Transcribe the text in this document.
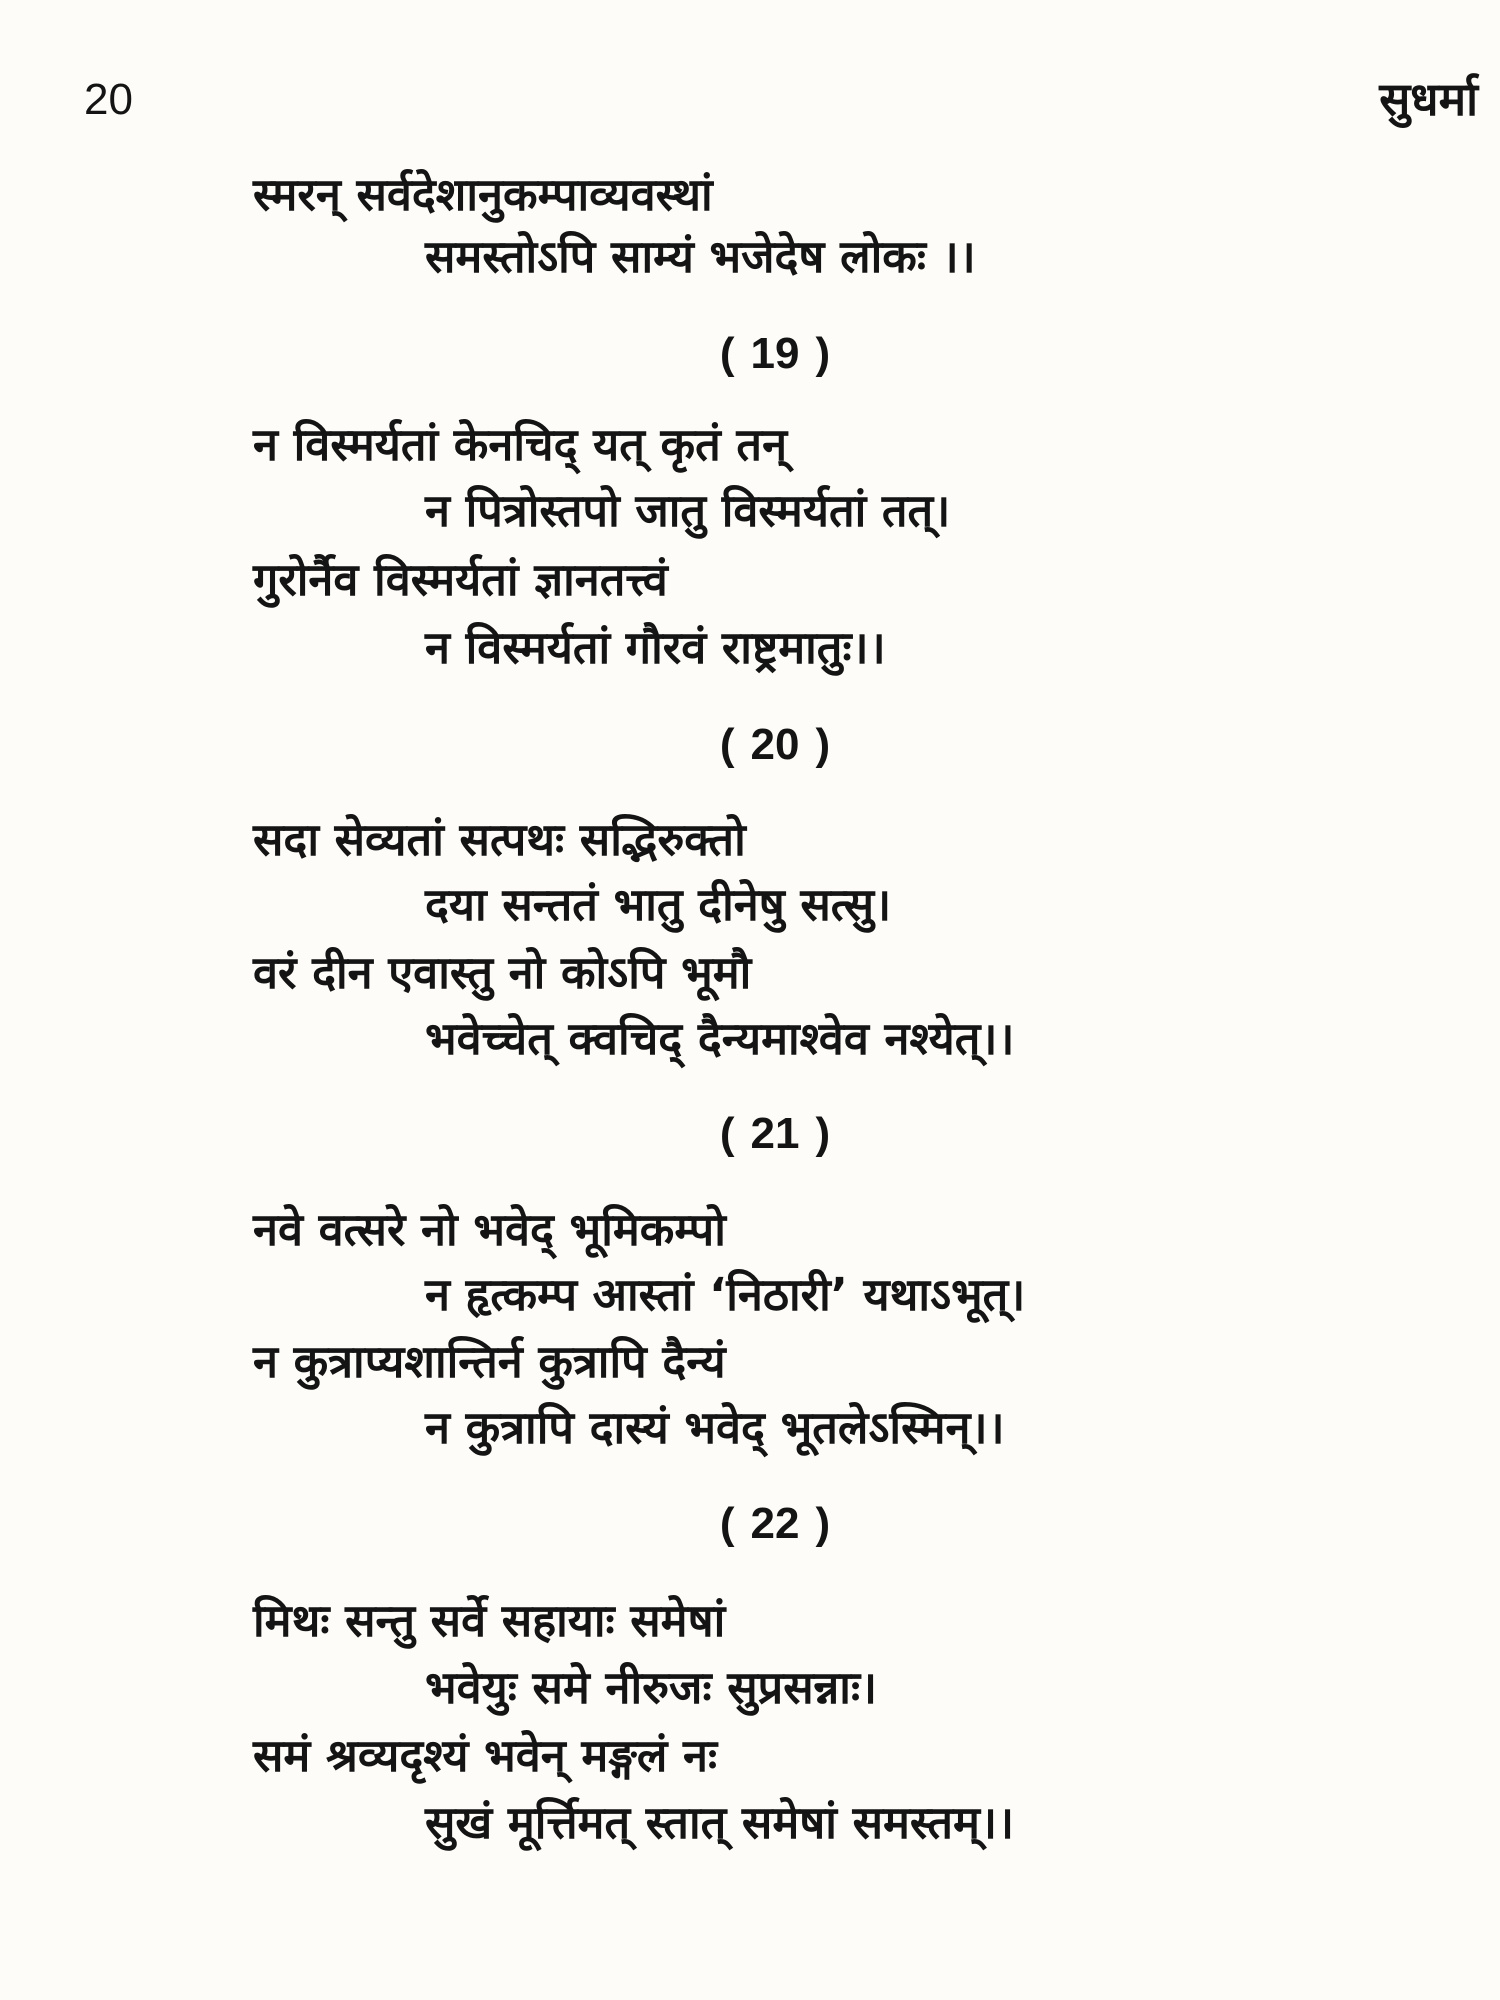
20	सुधर्मा
स्मरन् सर्वदेशानुकम्पाव्यवस्थां
समस्तोऽपि साम्यं भजेदेष लोकः ।।
( 19 )
न विस्मर्यतां केनचिद् यत् कृतं तन्
न पित्रोस्तपो जातु विस्मर्यतां तत्।
गुरोर्नैव विस्मर्यतां ज्ञानतत्त्वं
न विस्मर्यतां गौरवं राष्ट्रमातुः।।
( 20 )
सदा सेव्यतां सत्पथः सद्भिरुक्तो
दया सन्ततं भातु दीनेषु सत्सु।
वरं दीन एवास्तु नो कोऽपि भूमौ
भवेच्चेत् क्वचिद् दैन्यमाश्वेव नश्येत्।।
( 21 )
नवे वत्सरे नो भवेद् भूमिकम्पो
न हृत्कम्प आस्तां ‘निठारी’ यथाऽभूत्।
न कुत्राप्यशान्तिर्न कुत्रापि दैन्यं
न कुत्रापि दास्यं भवेद् भूतलेऽस्मिन्।।
( 22 )
मिथः सन्तु सर्वे सहायाः समेषां
भवेयुः समे नीरुजः सुप्रसन्नाः।
समं श्रव्यदृश्यं भवेन् मङ्गलं नः
सुखं मूर्त्तिमत् स्तात् समेषां समस्तम्।।
